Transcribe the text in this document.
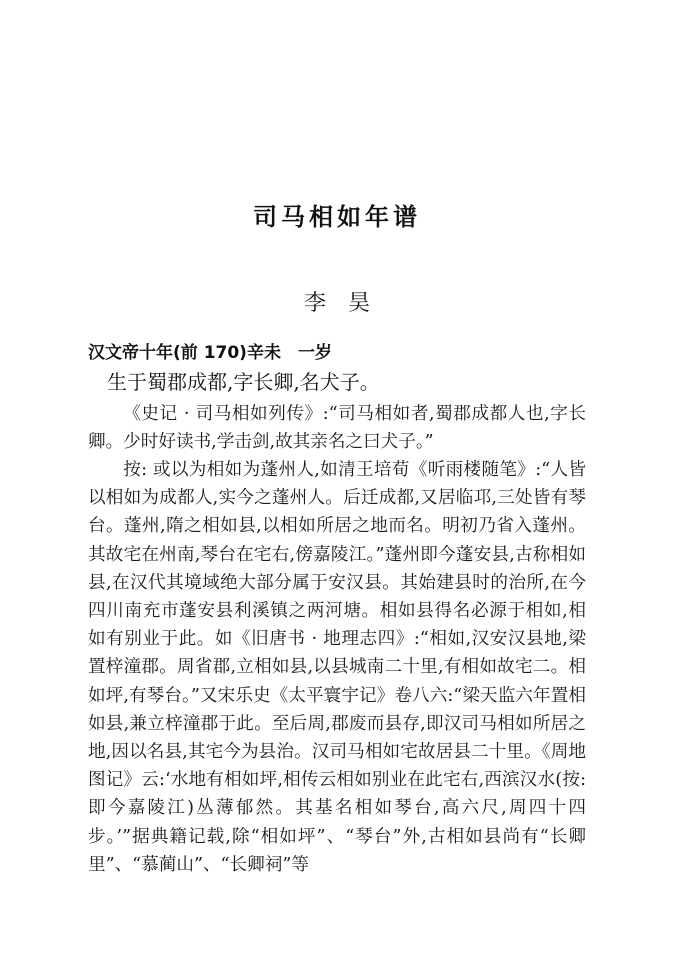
司马相如年谱
李昊
汉文帝十年(前 170)辛未　一岁
生于蜀郡成都,字长卿,名犬子。

《史记 · 司马相如列传》:“司马相如者,蜀郡成都人也,字长卿。少时好读书,学击剑,故其亲名之曰犬子。”

按: 或以为相如为蓬州人,如清王培荀《听雨楼随笔》:“人皆以相如为成都人,实今之蓬州人。后迁成都,又居临邛,三处皆有琴台。蓬州,隋之相如县,以相如所居之地而名。明初乃省入蓬州。其故宅在州南,琴台在宅右,傍嘉陵江。”蓬州即今蓬安县,古称相如县,在汉代其境域绝大部分属于安汉县。其始建县时的治所,在今四川南充市蓬安县利溪镇之两河塘。相如县得名必源于相如,相如有别业于此。如《旧唐书 · 地理志四》:“相如,汉安汉县地,梁置梓潼郡。周省郡,立相如县,以县城南二十里,有相如故宅二。相如坪,有琴台。”又宋乐史《太平寰宇记》卷八六:“梁天监六年置相如县,兼立梓潼郡于此。至后周,郡废而县存,即汉司马相如所居之地,因以名县,其宅今为县治。汉司马相如宅故居县二十里。《周地图记》云:‘水地有相如坪,相传云相如别业在此宅右,西滨汉水(按: 即今嘉陵江)丛薄郁然。其基名相如琴台,高六尺,周四十四步。’”据典籍记载,除“相如坪”、“琴台”外,古相如县尚有“长卿里”、“慕蔺山”、“长卿祠”等
